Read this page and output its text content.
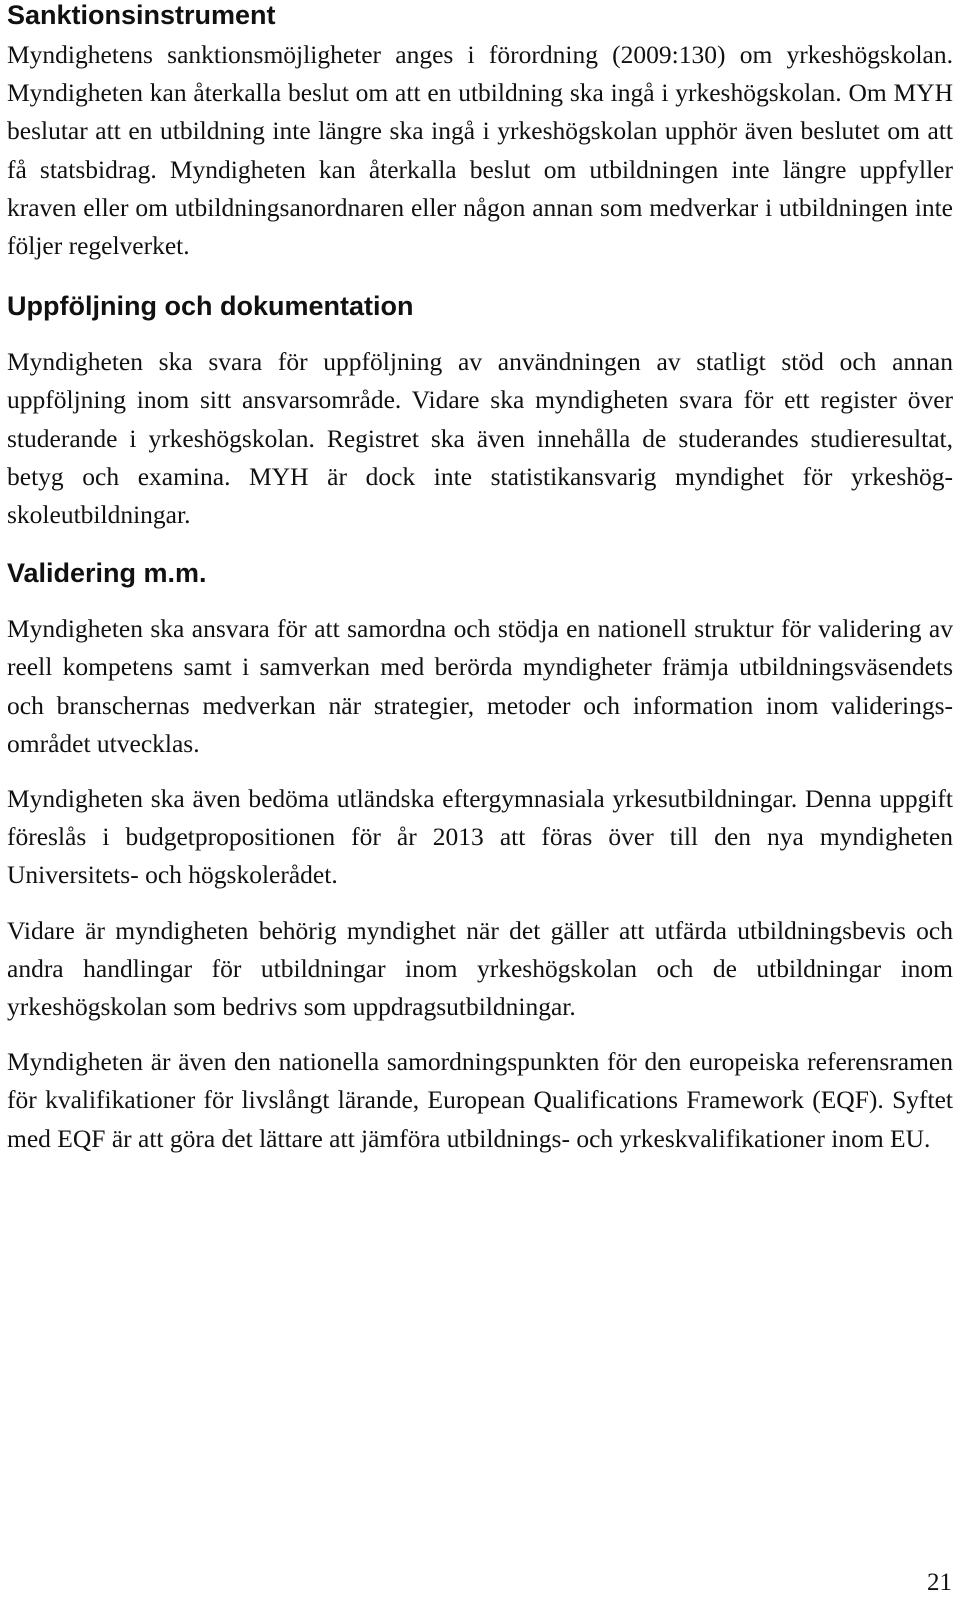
Sanktionsinstrument

Myndighetens sanktionsmöjligheter anges i förordning (2009:130) om yrkeshögskolan. Myndigheten kan återkalla beslut om att en utbildning ska ingå i yrkeshögskolan. Om MYH beslutar att en utbildning inte längre ska ingå i yrkeshögskolan upphör även beslutet om att få statsbidrag. Myndigheten kan återkalla beslut om utbildningen inte längre uppfyller kraven eller om utbildningsanordnaren eller någon annan som medverkar i utbildningen inte följer regelverket.

Uppföljning och dokumentation

Myndigheten ska svara för uppföljning av användningen av statligt stöd och annan uppföljning inom sitt ansvarsområde. Vidare ska myndigheten svara för ett register över studerande i yrkeshögskolan. Registret ska även innehålla de studerandes studieresultat, betyg och examina. MYH är dock inte statistikansvarig myndighet för yrkeshögskoleutbildningar.

Validering m.m.

Myndigheten ska ansvara för att samordna och stödja en nationell struktur för validering av reell kompetens samt i samverkan med berörda myndigheter främja utbildningsväsendets och branschernas medverkan när strategier, metoder och information inom valideringsområdet utvecklas.

Myndigheten ska även bedöma utländska eftergymnasiala yrkesutbildningar. Denna uppgift föreslås i budgetpropositionen för år 2013 att föras över till den nya myndigheten Universitets- och högskolerådet.

Vidare är myndigheten behörig myndighet när det gäller att utfärda utbildningsbevis och andra handlingar för utbildningar inom yrkeshögskolan och de utbildningar inom yrkeshögskolan som bedrivs som uppdragsutbildningar.

Myndigheten är även den nationella samordningspunkten för den europeiska referensramen för kvalifikationer för livslångt lärande, European Qualifications Framework (EQF). Syftet med EQF är att göra det lättare att jämföra utbildnings- och yrkeskvalifikationer inom EU.

21
